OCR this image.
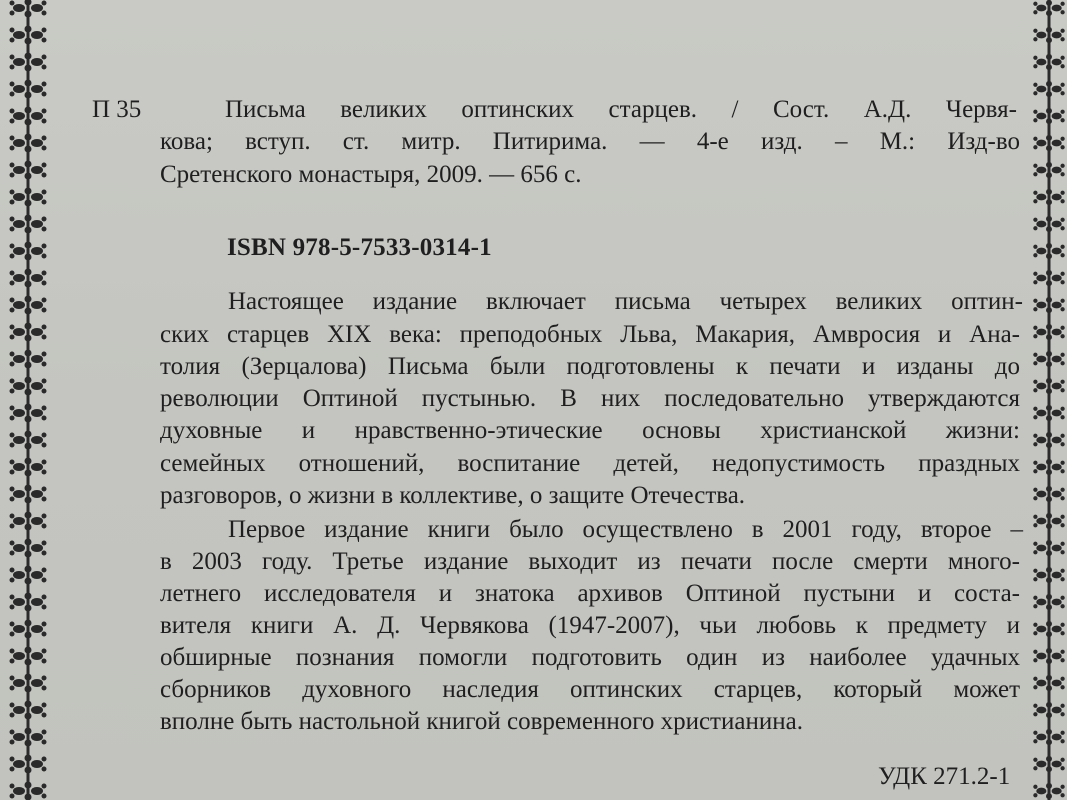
П 35	Письма великих оптинских старцев. / Сост. А.Д. Червя-
кова; вступ. ст. митр. Питирима. — 4-е изд. – М.: Изд-во
Сретенского монастыря, 2009. — 656 с.
ISBN 978-5-7533-0314-1
Настоящее издание включает письма четырех великих оптин-
ских старцев XIX века: преподобных Льва, Макария, Амвросия и Ана-
толия (Зерцалова) Письма были подготовлены к печати и изданы до
революции Оптиной пустынью. В них последовательно утверждаются
духовные и нравственно-этические основы христианской жизни:
семейных отношений, воспитание детей, недопустимость праздных
разговоров, о жизни в коллективе, о защите Отечества.
Первое издание книги было осуществлено в 2001 году, второе –
в 2003 году. Третье издание выходит из печати после смерти много-
летнего исследователя и знатока архивов Оптиной пустыни и соста-
вителя книги А. Д. Червякова (1947-2007), чьи любовь к предмету и
обширные познания помогли подготовить один из наиболее удачных
сборников духовного наследия оптинских старцев, который может
вполне быть настольной книгой современного христианина.
УДК 271.2-1
